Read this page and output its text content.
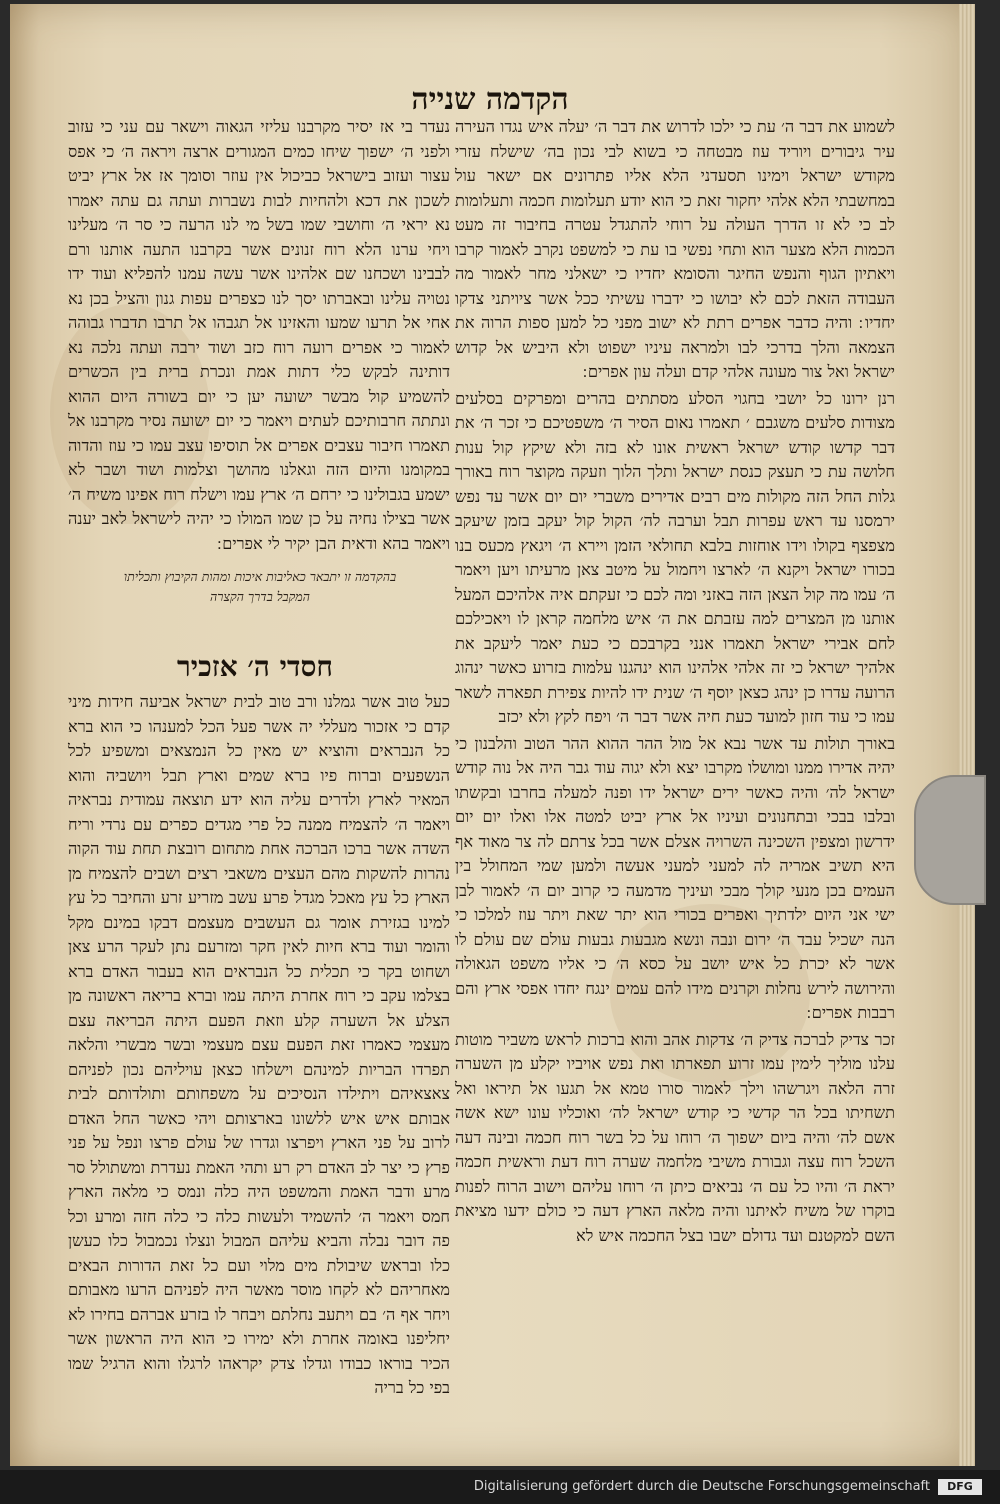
הקדמה שנייה

לשמוע את דבר ה׳ עת כי ילכו לדרוש את דבר ה׳ יעלה איש נגדו העירה עיר גיבורים ויוריד עוז מבטחה כי בשוא לבי נכון בה׳ שישלח עזרי מקודש ישראל וימינו תסעדני הלא אליו פתרונים אם ישאר עול במחשבתי הלא אלהי יחקור זאת כי הוא יודע תעלומות חכמה ותעלומות לב כי לא זו הדרך העולה על רוחי להתגדל עטרה בחיבור זה מעט הכמות הלא מצער הוא ותחי נפשי בו עת כי למשפט נקרב לאמור קרבו ויאתיון הגוף והנפש החיגר והסומא יחדיו כי ישאלני מחר לאמור מה העבודה הזאת לכם לא יבושו כי ידברו עשיתי ככל אשר ציויתני צדקו יחדיו ׃ והיה כדבר אפרים רתת לא ישוב מפני כל למען ספות הרוה את הצמאה והלך בדרכי לבו ולמראה עיניו ישפוט ולא היביש אל קדוש ישראל ואל צור מעונה אלהי קדם ועלה עון אפרים ׃

רנן ירונו כל יושבי בחגוי הסלע מסתתים בהרים ומפרקים בסלעים מצודות סלעים משגבם ׳ תאמרו נאום הסיר ה׳ משפטיכם כי זכר ה׳ את דבר קדשו קודש ישראל ראשית אונו לא בזה ולא שיקץ קול ענות חלושה עת כי תעצק כנסת ישראל ותלך הלוך וזעקה מקוצר רוח באורך גלות החל הזה מקולות מים רבים אדירים משברי יום יום אשר עד נפש ירמסנו עד ראש עפרות תבל וערבה לה׳ הקול קול יעקב בזמן שיעקב מצפצף בקולו וידו אוחזות בלבא תחולאי הזמן ויירא ה׳ ויגאץ מכעס בנו בכורו ישראל ויקנא ה׳ לארצו ויחמול על מיטב צאן מרעיתו ויען ויאמר ה׳ עמו מה קול הצאן הזה באזני ומה לכם כי זעקתם איה אלהיכם המעל אותנו מן המצרים למה עזבתם את ה׳ איש מלחמה קראן לו ויאכילכם לחם אבירי ישראל תאמרו אנני בקרבכם כי כעת יאמר ליעקב את אלהיך ישראל כי זה אלהי אלהינו הוא ינהגנו עלמות בזרוע כאשר ינהוג הרועה עדרו כן ינהג כצאן יוסף ה׳ שנית ידו להיות צפירת תפארה לשאר עמו כי עוד חזון למועד כעת חיה אשר דבר ה׳ ויפח לקץ ולא יכזב

באורך תולות עד אשר נבא אל מול ההר ההוא ההר הטוב והלבנון כי יהיה אדירו ממנו ומושלו מקרבו יצא ולא יגוה עוד גבר היה אל נוה קודש ישראל לה׳ והיה כאשר ירים ישראל ידו ופנה למעלה בחרבו ובקשתו ובלבו בבכי ובתחנונים ועיניו אל ארץ יביט למטה אלו ואלו יום יום ידרשון ומצפין השכינה השרויה אצלם אשר בכל צרתם לה צר מאוד אף היא תשיב אמריה לה למעני למעני אעשה ולמען שמי המחולל בין העמים בכן מנעי קולך מבכי ועיניך מדמעה כי קרוב יום ה׳ לאמור לבן ישי אני היום ילדתיך ואפרים בכורי הוא יתר שאת ויתר עוז למלכו כי הנה ישכיל עבד ה׳ ירום ונבה ונשא מגבעות גבעות עולם שם עולם לו אשר לא יכרת כל איש יושב על כסא ה׳ כי אליו משפט הגאולה והירושה לירש נחלות וקרנים מידו להם עמים ינגח יחדו אפסי ארץ והם רבבות אפרים ׃

זכר צדיק לברכה צדיק ה׳ צדקות אהב והוא ברכות לראש משביר מוטות עלנו מוליך לימין עמו זרוע תפארתו ואת נפש אויביו יקלע מן השערה זרה הלאה ויגרשהו וילך לאמור סורו טמא אל תגעו אל תיראו ואל תשחיתו בכל הר קדשי כי קודש ישראל לה׳ ואוכליו עונו ישא אשה אשם לה׳ והיה ביום ישפוך ה׳ רוחו על כל בשר רוח חכמה ובינה דעה השכל רוח עצה וגבורת משיבי מלחמה שערה רוח דעת וראשית חכמה יראת ה׳ והיו כל עם ה׳ נביאים כיתן ה׳ רוחו עליהם וישוב הרוח לפנות בוקרו של משיח לאיתנו והיה מלאה הארץ דעה כי כולם ידעו מציאת השם למקטנם ועד גדולם ישבו בצל החכמה איש לא

נעדר בי אז יסיר מקרבנו עליזי הגאוה וישאר עם עני כי עזוב ולפני ה׳ ישפוך שיחו כמים המגורים ארצה ויראה ה׳ כי אפס עצור ועזוב בישראל כביכול אין עוזר וסומך אז אל ארץ יביט לשכון את דכא ולהחיות לבות נשברות ועתה גם עתה יאמרו נא יראי ה׳ וחושבי שמו בשל מי לנו הרעה כי סר ה׳ מעלינו ויחי ערנו הלא רוח זנונים אשר בקרבנו התעה אותנו ורם לבבינו ושכחנו שם אלהינו אשר עשה עמנו להפליא ועוד ידו נטויה עלינו ובאברתו יסך לנו כצפרים עפות גנון והציל בכן נא אחי אל תרעו שמעו והאזינו אל תגבהו אל תרבו תדברו גבוהה לאמור כי אפרים רועה רוח כזב ושוד ירבה ועתה נלכה נא דותינה לבקש כלי דתות אמת ונכרת ברית בין הכשרים להשמיע קול מבשר ישועה יען כי יום בשורה היום ההוא ונתתה חרבותיכם לעתים ויאמר כי יום ישועה נסיר מקרבנו אל תאמרו חיבור עצבים אפרים אל תוסיפו עצב עמו כי עוז והדוה במקומנו והיום הזה וגאלנו מהושך וצלמות ושוד ושבר לא ישמע בגבולינו כי ירחם ה׳ ארץ עמו וישלח רוח אפינו משיח ה׳ אשר בצילו נחיה על כן שמו המולו כי יהיה לישראל לאב יענה ויאמר בהא ודאית הבן יקיר לי אפרים ׃

בהקדמה זו יתבאר כאליבות איכות ומהות הקיבוץ ותכליתו
המקבל בדרך הקצרה
חסדי ה׳ אזכיר

כעל טוב אשר גמלנו ורב טוב לבית ישראל אביעה חידות מיני קדם כי אזכור מעללי יה אשר פעל הכל למענהו כי הוא ברא כל הנבראים והוציא יש מאין כל הנמצאים ומשפיע לכל הנשפעים וברוח פיו ברא שמים וארץ תבל ויושביה והוא המאיר לארץ ולדרים עליה הוא ידע תוצאה עמודית נבראיה ויאמר ה׳ להצמיח ממנה כל פרי מגדים כפרים עם נרדי וריח השדה אשר ברכו הברכה אחת מתחום רובצת תחת עוד הקוה נהרות להשקות מהם העצים משאבי רצים ושבים להצמיח מן הארץ כל עץ מאכל מגדל פרע עשב מזריע זרע והחיבר כל עץ למינו בגזירת אומר גם העשבים מעצמם דבקו במינם מקל והומר ועוד ברא חיות לאין חקר ומזרעם נתן לעקר הרע צאן ושחוט בקר כי תכלית כל הנבראים הוא בעבור האדם ברא בצלמו עקב כי רוח אחרת היתה עמו וברא בריאה ראשונה מן הצלע אל השערה קלע וזאת הפעם היתה הבריאה עצם מעצמי כאמרו זאת הפעם עצם מעצמי ובשר מבשרי והלאה תפרדו הבריות למינהם וישלחו כצאן עויליהם נכון לפניהם צאצאיהם ויתילדו הנסיכים על משפחותם ותולדותם לבית אבותם איש איש ללשונו בארצותם ויהי כאשר החל האדם לרוב על פני הארץ ויפרצו וגדרו של עולם פרצו ונפל על פני פרץ כי יצר לב האדם רק רע ותהי האמת נעדרת ומשתולל סר מרע ודבר האמת והמשפט היה כלה ונמס כי מלאה הארץ חמס ויאמר ה׳ להשמיד ולעשות כלה כי כלה חזה ומרע וכל פה דובר נבלה והביא עליהם המבול ונצלו נכמבול כלו כעשן כלו ובראש שיבולת מים מלוי ועם כל זאת הדורות הבאים מאחריהם לא לקחו מוסר מאשר היה לפניהם הרעו מאבותם ויחר אף ה׳ בם ויתעב נחלתם ויבחר לו בזרע אברהם בחירו לא יחליפנו באומה אחרת ולא ימירו כי הוא היה הראשון אשר הכיר בוראו כבודו וגדלו צדק יקראהו לרגלו והוא הרגיל שמו בפי כל בריה

Digitalisierung gefördert durch die Deutsche Forschungsgemeinschaft	DFG
